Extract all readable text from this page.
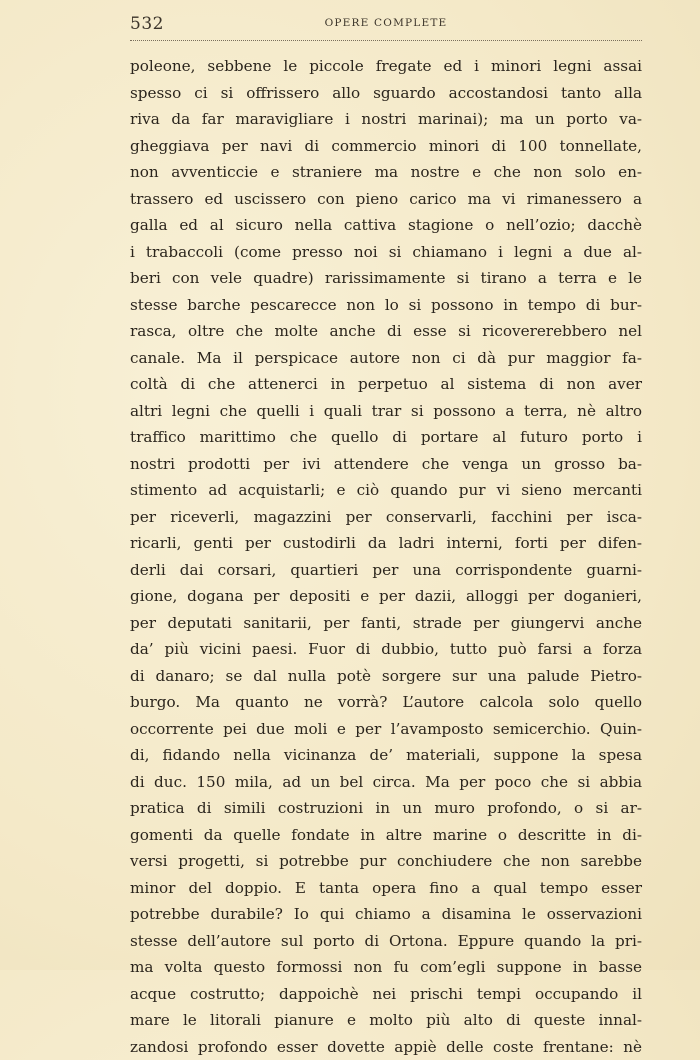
532	OPERE COMPLETE
poleone, sebbene le piccole fregate ed i minori legni assai
spesso ci si offrissero allo sguardo accostandosi tanto alla
riva da far maravigliare i nostri marinai); ma un porto va-
gheggiava per navi di commercio minori di 100 tonnellate,
non avventiccie e straniere ma nostre e che non solo en-
trassero ed uscissero con pieno carico ma vi rimanessero a
galla ed al sicuro nella cattiva stagione o nell’ozio; dacchè
i trabaccoli (come presso noi si chiamano i legni a due al-
beri con vele quadre) rarissimamente si tirano a terra e le
stesse barche pescarecce non lo si possono in tempo di bur-
rasca, oltre che molte anche di esse si ricovererebbero nel
canale. Ma il perspicace autore non ci dà pur maggior fa-
coltà di che attenerci in perpetuo al sistema di non aver
altri legni che quelli i quali trar si possono a terra, nè altro
traffico marittimo che quello di portare al futuro porto i
nostri prodotti per ivi attendere che venga un grosso ba-
stimento ad acquistarli; e ciò quando pur vi sieno mercanti
per riceverli, magazzini per conservarli, facchini per isca-
ricarli, genti per custodirli da ladri interni, forti per difen-
derli dai corsari, quartieri per una corrispondente guarni-
gione, dogana per depositi e per dazii, alloggi per doganieri,
per deputati sanitarii, per fanti, strade per giungervi anche
da’ più vicini paesi. Fuor di dubbio, tutto può farsi a forza
di danaro; se dal nulla potè sorgere sur una palude Pietro-
burgo. Ma quanto ne vorrà? L’autore calcola solo quello
occorrente pei due moli e per l’avamposto semicerchio. Quin-
di, fidando nella vicinanza de’ materiali, suppone la spesa
di duc. 150 mila, ad un bel circa. Ma per poco che si abbia
pratica di simili costruzioni in un muro profondo, o si ar-
gomenti da quelle fondate in altre marine o descritte in di-
versi progetti, si potrebbe pur conchiudere che non sarebbe
minor del doppio. E tanta opera fino a qual tempo esser
potrebbe durabile? Io qui chiamo a disamina le osservazioni
stesse dell’autore sul porto di Ortona. Eppure quando la pri-
ma volta questo formossi non fu com’egli suppone in basse
acque costrutto; dappoichè nei prischi tempi occupando il
mare le litorali pianure e molto più alto di queste innal-
zandosi profondo esser dovette appiè delle coste frentane: nè
